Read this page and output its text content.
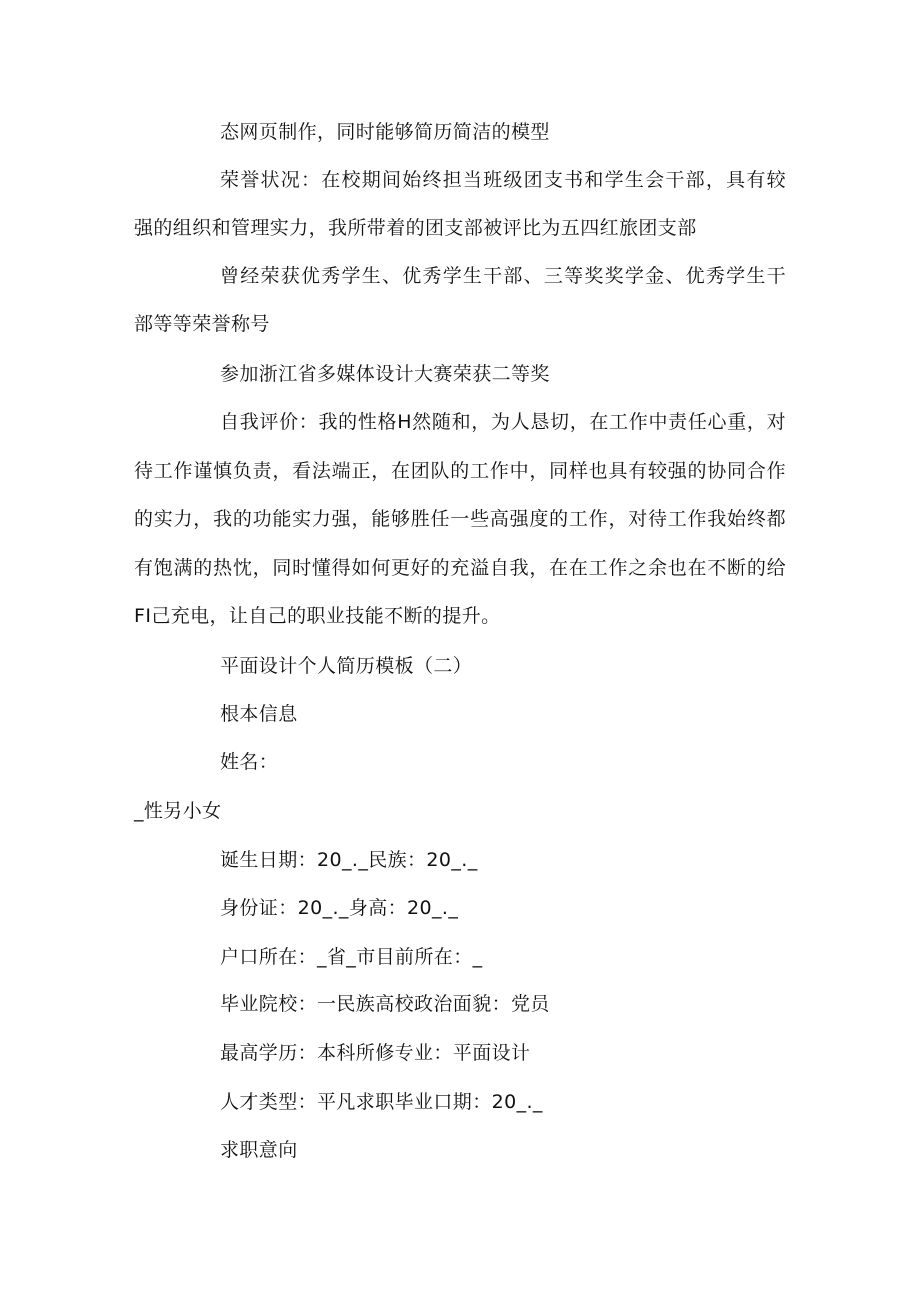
态网页制作，同时能够简历简洁的模型
荣誉状况：在校期间始终担当班级团支书和学生会干部，具有较
强的组织和管理实力，我所带着的团支部被评比为五四红旅团支部
曾经荣获优秀学生、优秀学生干部、三等奖奖学金、优秀学生干
部等等荣誉称号
参加浙江省多媒体设计大赛荣获二等奖
自我评价：我的性格H然随和，为人恳切，在工作中责任心重，对
待工作谨慎负责，看法端正，在团队的工作中，同样也具有较强的协同合作
的实力，我的功能实力强，能够胜任一些高强度的工作，对待工作我始终都
有饱满的热忱，同时懂得如何更好的充溢自我，在在工作之余也在不断的给
FI己充电，让自己的职业技能不断的提升。
平面设计个人简历模板（二）
根本信息
姓名：
_性另小女
诞生日期：20_._民族：20_._
身份证：20_._身高：20_._
户口所在：_省_市目前所在：_
毕业院校：一民族高校政治面貌：党员
最高学历：本科所修专业：平面设计
人才类型：平凡求职毕业口期：20_._
求职意向
